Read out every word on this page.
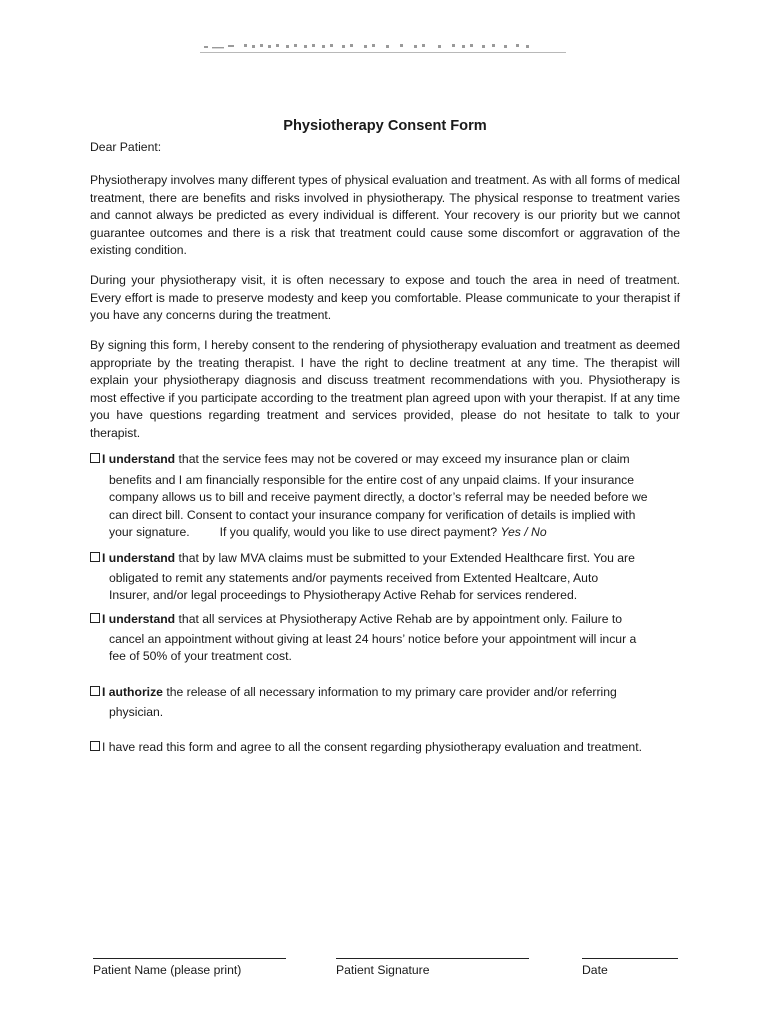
Physiotherapy Consent Form
Dear Patient:
Physiotherapy involves many different types of physical evaluation and treatment. As with all forms of medical treatment, there are benefits and risks involved in physiotherapy. The physical response to treatment varies and cannot always be predicted as every individual is different. Your recovery is our priority but we cannot guarantee outcomes and there is a risk that treatment could cause some discomfort or aggravation of the existing condition.
During your physiotherapy visit, it is often necessary to expose and touch the area in need of treatment. Every effort is made to preserve modesty and keep you comfortable. Please communicate to your therapist if you have any concerns during the treatment.
By signing this form, I hereby consent to the rendering of physiotherapy evaluation and treatment as deemed appropriate by the treating therapist. I have the right to decline treatment at any time. The therapist will explain your physiotherapy diagnosis and discuss treatment recommendations with you. Physiotherapy is most effective if you participate according to the treatment plan agreed upon with your therapist. If at any time you have questions regarding treatment and services provided, please do not hesitate to talk to your therapist.
I understand that the service fees may not be covered or may exceed my insurance plan or claim
benefits and I am financially responsible for the entire cost of any unpaid claims. If your insurance
company allows us to bill and receive payment directly, a doctor’s referral may be needed before we
can direct bill. Consent to contact your insurance company for verification of details is implied with
your signature. If you qualify, would you like to use direct payment? Yes / No
I understand that by law MVA claims must be submitted to your Extended Healthcare first. You are
obligated to remit any statements and/or payments received from Extented Healtcare, Auto
Insurer, and/or legal proceedings to Physiotherapy Active Rehab for services rendered.
I understand that all services at Physiotherapy Active Rehab are by appointment only. Failure to
cancel an appointment without giving at least 24 hours’ notice before your appointment will incur a
fee of 50% of your treatment cost.
I authorize the release of all necessary information to my primary care provider and/or referring
physician.
I have read this form and agree to all the consent regarding physiotherapy evaluation and treatment.
Patient Name (please print)	Patient Signature	Date
